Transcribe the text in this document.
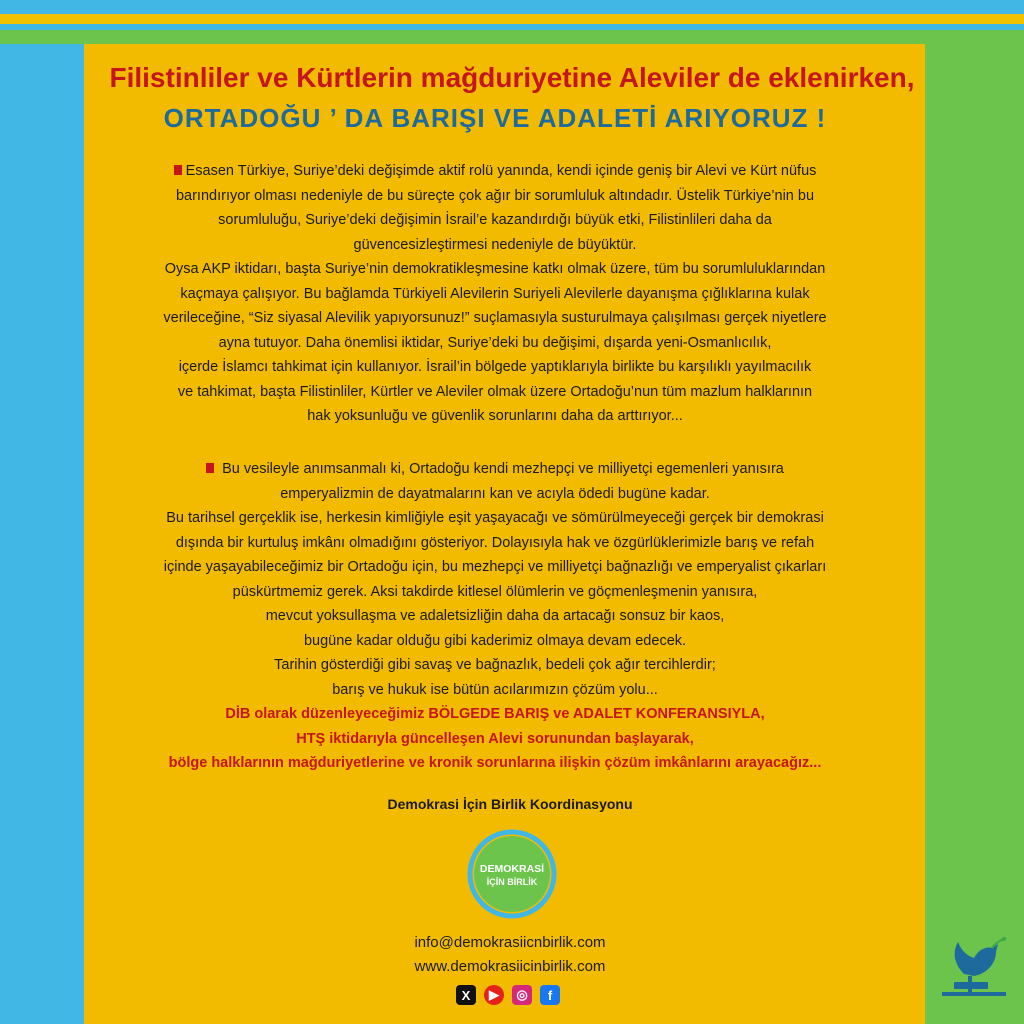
Filistinliler ve Kürtlerin mağduriyetine Aleviler de eklenirken,
ORTADOĞU ’ DA BARIŞI VE ADALETİ ARIYORUZ !
Esasen Türkiye, Suriye’deki değişimde aktif rolü yanında, kendi içinde geniş bir Alevi ve Kürt nüfus
barındırıyor olması nedeniyle de bu süreçte çok ağır bir sorumluluk altındadır. Üstelik Türkiye’nin bu
sorumluluğu, Suriye’deki değişimin İsrail’e kazandırdığı büyük etki, Filistinlileri daha da
güvencesizleştirmesi nedeniyle de büyüktür.
Oysa AKP iktidarı, başta Suriye’nin demokratikleşmesine katkı olmak üzere, tüm bu sorumluluklarından
kaçmaya çalışıyor. Bu bağlamda Türkiyeli Alevilerin Suriyeli Alevilerle dayanışma çığlıklarına kulak
verileceğine, “Siz siyasal Alevilik yapıyorsunuz!” suçlamasıyla susturulmaya çalışılması gerçek niyetlere
ayna tutuyor. Daha önemlisi iktidar, Suriye’deki bu değişimi, dışarda yeni-Osmanlıcılık,
içerde İslamcı tahkimat için kullanıyor. İsrail’in bölgede yaptıklarıyla birlikte bu karşılıklı yayılmacılık
ve tahkimat, başta Filistinliler, Kürtler ve Aleviler olmak üzere Ortadoğu’nun tüm mazlum halklarının
hak yoksunluğu ve güvenlik sorunlarını daha da arttırıyor...
Bu vesileyle anımsanmalı ki, Ortadoğu kendi mezhepçi ve milliyetçi egemenleri yanısıra
emperyalizmin de dayatmalarını kan ve acıyla ödedi bugüne kadar.
Bu tarihsel gerçeklik ise, herkesin kimliğiyle eşit yaşayacağı ve sömürülmeyeceği gerçek bir demokrasi
dışında bir kurtuluş imkânı olmadığını gösteriyor. Dolayısıyla hak ve özgürlüklerimizle barış ve refah
içinde yaşayabileceğimiz bir Ortadoğu için, bu mezhepçi ve milliyetçi bağnazlığı ve emperyalist çıkarları
püskürtmemiz gerek. Aksi takdirde kitlesel ölümlerin ve göçmenleşmenin yanısıra,
mevcut yoksullaşma ve adaletsizliğin daha da artacağı sonsuz bir kaos,
bugüne kadar olduğu gibi kaderimiz olmaya devam edecek.
Tarihin gösterdiği gibi savaş ve bağnazlık, bedeli çok ağır tercihlerdir;
barış ve hukuk ise bütün acılarımızın çözüm yolu...
DİB olarak düzenleyeceğimiz BÖLGEDE BARIŞ ve ADALET KONFERANSIYLA,
HTŞ iktidarıyla güncelleşen Alevi sorunundan başlayarak,
bölge halklarının mağduriyetlerine ve kronik sorunlarına ilişkin çözüm imkânlarını arayacağız...
Demokrasi İçin Birlik Koordinasyonu
DEMOKRASİ
İÇİN BİRLİK
info@demokrasiicnbirlik.com
www.demokrasiicinbirlik.com
X	▶	◎	f
